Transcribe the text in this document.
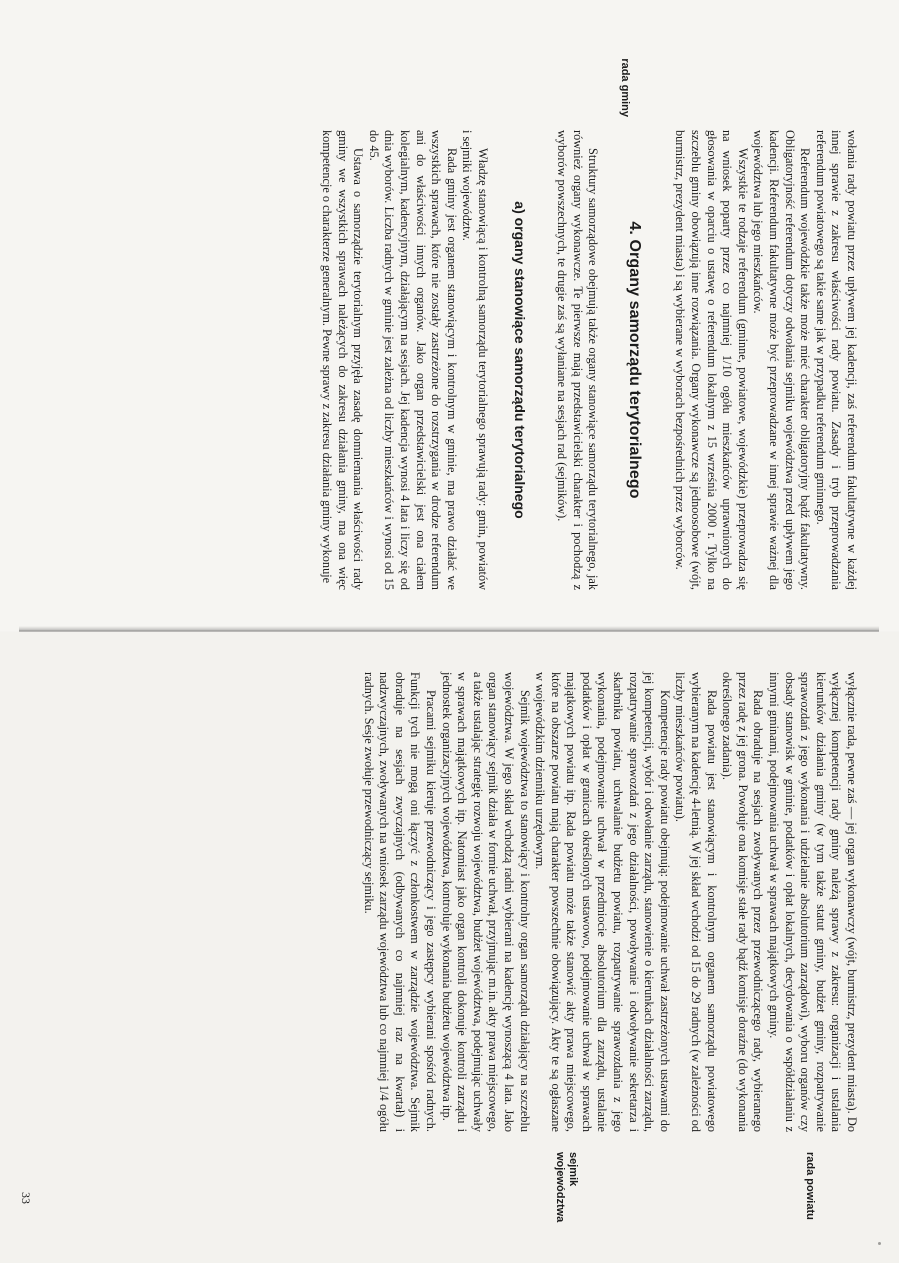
rada gminy

wołania rady powiatu przez upływem jej kadencji, zaś referendum fakultatywne w każdej innej sprawie z zakresu właściwości rady powiatu. Zasady i tryb przeprowadzania referendum powiatowego są takie same jak w przypadku referendum gminnego.

Referendum wojewódzkie także może mieć charakter obligatoryjny bądź fakultatywny. Obligatoryjność referendum dotyczy odwołania sejmiku województwa przed upływem jego kadencji. Referendum fakultatywne może być przeprowadzane w innej sprawie ważnej dla województwa lub jego mieszkańców.

Wszystkie te rodzaje referendum (gminne, powiatowe, wojewódzkie) przeprowadza się na wniosek poparty przez co najmniej 1/10 ogółu mieszkańców uprawnionych do głosowania w oparciu o ustawę o referendum lokalnym z 15 września 2000 r. Tylko na szczeblu gminy obowiązują inne rozwiązania. Organy wykonawcze są jednoosobowe (wójt, burmistrz, prezydent miasta) i są wybierane w wyborach bezpośrednich przez wyborców.

4. Organy samorządu terytorialnego

Struktury samorządowe obejmują także organy stanowiące samorządu terytorialnego, jak również organy wykonawcze. Te pierwsze mają przedstawicielski charakter i pochodzą z wyborów powszechnych, te drugie zaś są wyłaniane na sesjach rad (sejmików).

a) organy stanowiące samorządu terytorialnego

Władzę stanowiącą i kontrolną samorządu terytorialnego sprawują rady: gmin, powiatów i sejmiki województw.

Rada gminy jest organem stanowiącym i kontrolnym w gminie, ma prawo działać we wszystkich sprawach, które nie zostały zastrzeżone do rozstrzygania w drodze referendum ani do właściwości innych organów. Jako organ przedstawicielski jest ona ciałem kolegialnym, kadencyjnym, działającym na sesjach. Jej kadencja wynosi 4 lata i liczy się od dnia wyborów. Liczba radnych w gminie jest zależna od liczby mieszkańców i wynosi od 15 do 45.

Ustawa o samorządzie terytorialnym przyjęła zasadę domniemania właściwości rady gminy we wszystkich sprawach należących do zakresu działania gminy, ma ona więc kompetencje o charakterze generalnym. Pewne sprawy z zakresu działania gminy wykonuje

wyłącznie rada, pewne zaś — jej organ wykonawczy (wójt, burmistrz, prezydent miasta). Do wyłącznej kompetencji rady gminy należą sprawy z zakresu: organizacji i ustalania kierunków działania gminy (w tym także statut gminy, budżet gminy, rozpatrywanie sprawozdań z jego wykonania i udzielanie absolutorium zarządowi), wyboru organów czy obsady stanowisk w gminie, podatków i opłat lokalnych, decydowania o współdziałaniu z innymi gminami, podejmowania uchwał w sprawach majątkowych gminy.

Rada obraduje na sesjach zwoływanych przez przewodniczącego rady, wybieranego przez radę z jej grona. Powołuje ona komisje stałe rady bądź komisje doraźne (do wykonania określonego zadania).

Rada powiatu jest stanowiącym i kontrolnym organem samorządu powiatowego wybieranym na kadencję 4-letnią. W jej skład wchodzi od 15 do 29 radnych (w zależności od liczby mieszkańców powiatu).

Kompetencje rady powiatu obejmują: podejmowanie uchwał zastrzeżonych ustawami do jej kompetencji, wybór i odwołanie zarządu, stanowienie o kierunkach działalności zarządu, rozpatrywanie sprawozdań z jego działalności, powoływanie i odwoływanie sekretarza i skarbnika powiatu, uchwalanie budżetu powiatu, rozpatrywanie sprawozdania z jego wykonania, podejmowanie uchwał w przedmiocie absolutorium dla zarządu, ustalanie podatków i opłat w granicach określonych ustawowo, podejmowanie uchwał w sprawach majątkowych powiatu itp. Rada powiatu może także stanowić akty prawa miejscowego, które na obszarze powiatu mają charakter powszechnie obowiązujący. Akty te są ogłaszane w wojewódzkim dzienniku urzędowym.

Sejmik województwa to stanowiący i kontrolny organ samorządu działający na szczeblu województwa. W jego skład wchodzą radni wybierani na kadencję wynoszącą 4 lata. Jako organ stanowiący sejmik działa w formie uchwał, przyjmując m.in. akty prawa miejscowego, a także ustalając strategię rozwoju województwa, budżet województwa, podejmując uchwały w sprawach majątkowych itp. Natomiast jako organ kontroli dokonuje kontroli zarządu i jednostek organizacyjnych województwa, kontroluje wykonania budżetu województwa itp.

Pracami sejmiku kieruje przewodniczący i jego zastępcy wybierani spośród radnych. Funkcji tych nie mogą oni łączyć z członkostwem w zarządzie województwa. Sejmik obraduje na sesjach zwyczajnych (odbywanych co najmniej raz na kwartał) i nadzwyczajnych, zwoływanych na wniosek zarządu województwa lub co najmniej 1/4 ogółu radnych. Sesje zwołuje przewodniczący sejmiku.

rada powiatu
sejmik
województwa
33
